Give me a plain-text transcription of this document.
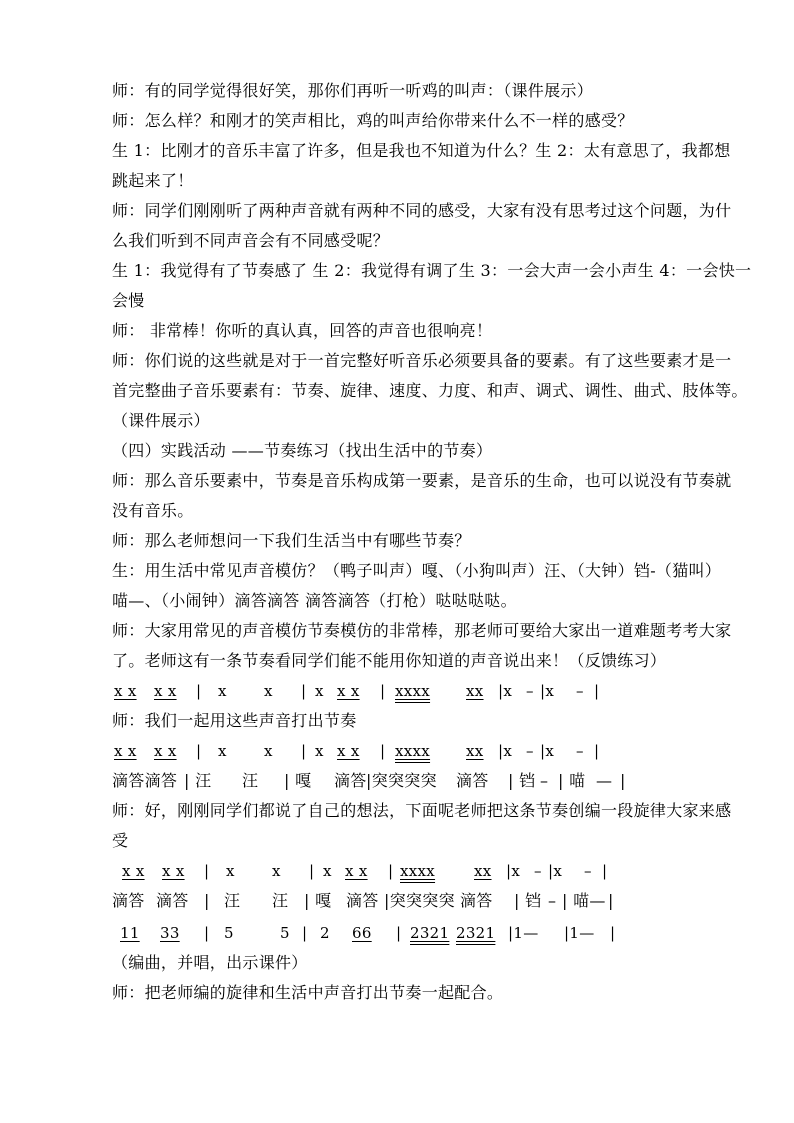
师：有的同学觉得很好笑，那你们再听一听鸡的叫声：（课件展示）
师：怎么样？和刚才的笑声相比，鸡的叫声给你带来什么不一样的感受？
生 1：比刚才的音乐丰富了许多，但是我也不知道为什么？生 2：太有意思了，我都想
跳起来了！
师：同学们刚刚听了两种声音就有两种不同的感受，大家有没有思考过这个问题，为什
么我们听到不同声音会有不同感受呢？
生 1：我觉得有了节奏感了 生 2：我觉得有调了生 3：一会大声一会小声生 4：一会快一
会慢
师： 非常棒！你听的真认真，回答的声音也很响亮！
师：你们说的这些就是对于一首完整好听音乐必须要具备的要素。有了这些要素才是一
首完整曲子音乐要素有：节奏、旋律、速度、力度、和声、调式、调性、曲式、肢体等。
（课件展示）
（四）实践活动 ——节奏练习（找出生活中的节奏）
师：那么音乐要素中，节奏是音乐构成第一要素，是音乐的生命，也可以说没有节奏就
没有音乐。
师：那么老师想问一下我们生活当中有哪些节奏？
生：用生活中常见声音模仿？（鸭子叫声）嘎、（小狗叫声）汪、（大钟）铛-（猫叫）
喵—、（小闹钟）滴答滴答 滴答滴答（打枪）哒哒哒哒。
师：大家用常见的声音模仿节奏模仿的非常棒，那老师可要给大家出一道难题考考大家
了。老师这有一条节奏看同学们能不能用你知道的声音说出来！（反馈练习）
x x x x | x x | x x x | xxxx xx |x – |x – |
师：我们一起用这些声音打出节奏
x x x x | x x | x x x | xxxx xx |x – |x – |
滴答滴答 | 汪 汪 | 嘎 滴答 |突突突突 滴答 | 铛 – | 喵 — |
师：好，刚刚同学们都说了自己的想法，下面呢老师把这条节奏创编一段旋律大家来感
受
x x x x | x x | x x x | xxxx	xx |x – |x – |
滴答 滴答 | 汪 汪 | 嘎 滴答 |突突突突 滴答 | 铛 – | 喵— |
11 33 | 5	5 | 2 66 | 2321 2321 |1— |1— |
（编曲，并唱，出示课件）
师：把老师编的旋律和生活中声音打出节奏一起配合。
